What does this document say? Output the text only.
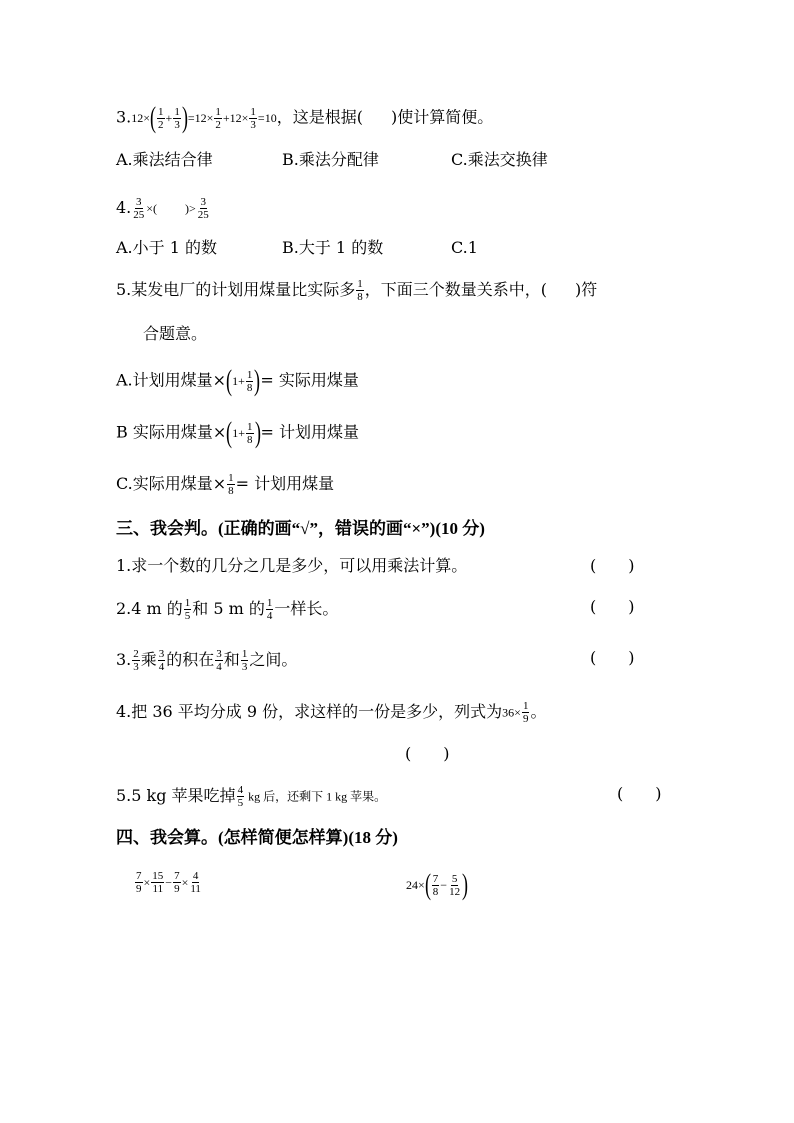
$3.12\times( \frac{1}{2} + \frac{1}{3} )=12\times \frac{1}{2} +12\times \frac{1}{3} =10$，这是根据( )使计算简便。
A.乘法结合律	B.乘法分配律	C.乘法交换律
4. $\frac{3}{25}$ ×( )> $\frac{3}{25}$
A.小于 1 的数	B.大于 1 的数	C.1
5.某发电厂的计划用煤量比实际多 $\frac{1}{8}$ ，下面三个数量关系中，( )符
合题意。
A.计划用煤量$\times(1+ \frac{1}{8}$ )= 实际用煤量
B 实际用煤量$\times(1+ \frac{1}{8}$ )= 计划用煤量
C.实际用煤量× $\frac{1}{8}$ = 计划用煤量
三、我会判。(正确的画“√”，错误的画“×”)(10 分)
1.求一个数的几分之几是多少，可以用乘法计算。	(　　)
2.4 m 的 $\frac{1}{5}$ 和 5 m 的 $\frac{1}{4}$ 一样长。	(　　)
3. $\frac{2}{3}$ 乘 $\frac{3}{4}$ 的积在 $\frac{3}{4}$ 和 $\frac{1}{3}$ 之间。	(　　)
4.把 36 平均分成 9 份，求这样的一份是多少，列式为$36\times \frac{1}{9}$ 。
(　　)
5.5 kg 苹果吃掉 $\frac{4}{5}$ kg 后，还剩下 1 kg 苹果。	(　　)
四、我会算。(怎样简便怎样算)(18 分)
$\frac{7}{9} \times \frac{15}{11} - \frac{7}{9} \times \frac{4}{11}$	$24\times( \frac{7}{8} - \frac{5}{12}$ )
